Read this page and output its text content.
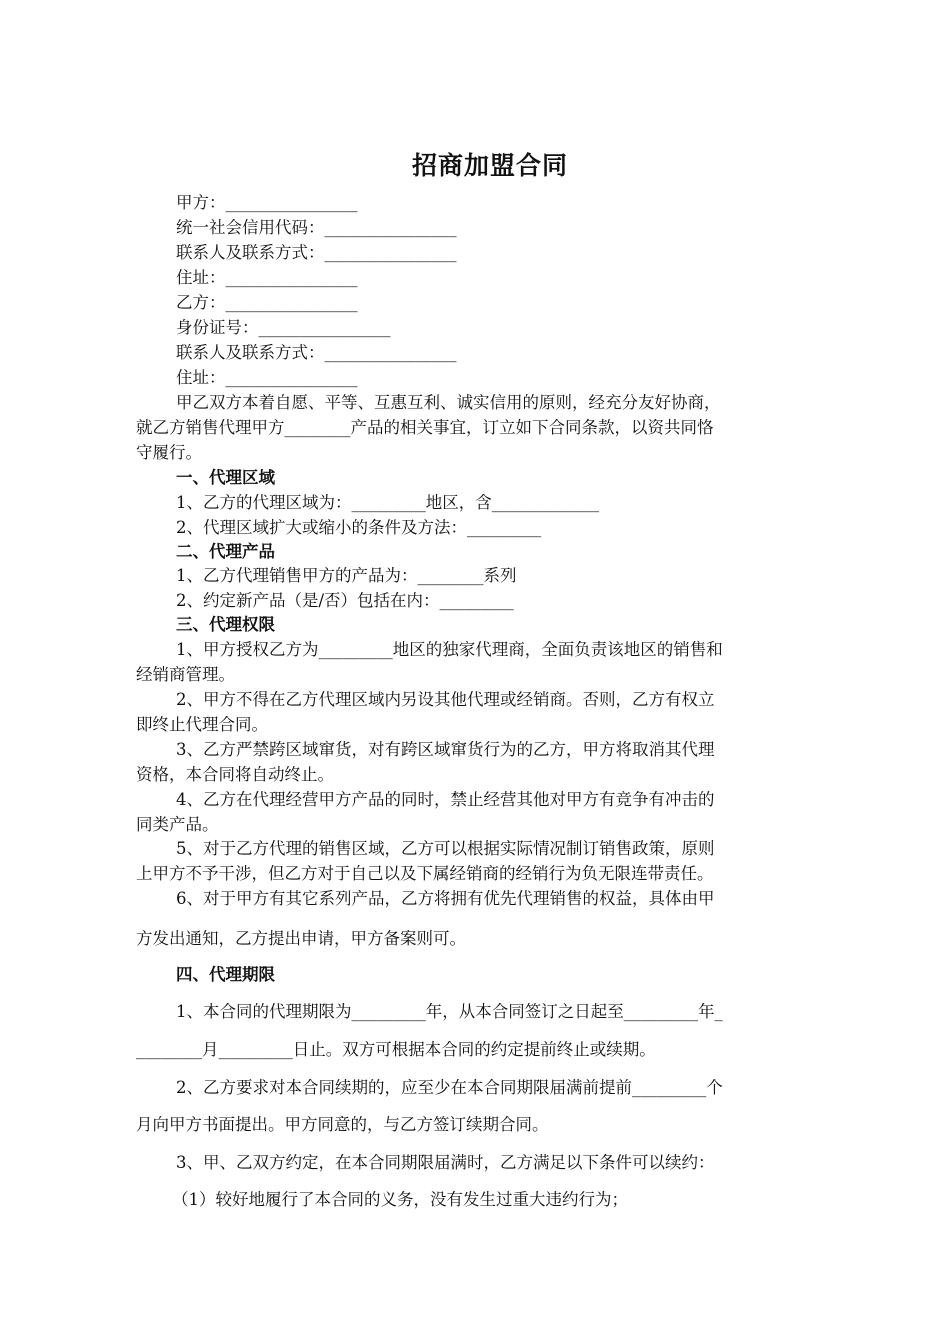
招商加盟合同

甲方：________________

统一社会信用代码：________________

联系人及联系方式：________________

住址：________________

乙方：________________

身份证号：________________

联系人及联系方式：________________

住址：________________

甲乙双方本着自愿、平等、互惠互利、诚实信用的原则，经充分友好协商，

就乙方销售代理甲方________产品的相关事宜，订立如下合同条款，以资共同恪

守履行。

一、代理区域

1、乙方的代理区域为：_________地区，含_____________

2、代理区域扩大或缩小的条件及方法：_________

二、代理产品

1、乙方代理销售甲方的产品为：________系列

2、约定新产品（是/否）包括在内：_________

三、代理权限

1、甲方授权乙方为_________地区的独家代理商，全面负责该地区的销售和

经销商管理。

2、甲方不得在乙方代理区域内另设其他代理或经销商。否则，乙方有权立

即终止代理合同。

3、乙方严禁跨区域窜货，对有跨区域窜货行为的乙方，甲方将取消其代理

资格，本合同将自动终止。

4、乙方在代理经营甲方产品的同时，禁止经营其他对甲方有竞争有冲击的

同类产品。

5、对于乙方代理的销售区域，乙方可以根据实际情况制订销售政策，原则

上甲方不予干涉，但乙方对于自己以及下属经销商的经销行为负无限连带责任。

6、对于甲方有其它系列产品，乙方将拥有优先代理销售的权益，具体由甲

方发出通知，乙方提出申请，甲方备案则可。

四、代理期限

1、本合同的代理期限为_________年，从本合同签订之日起至_________年_

________月_________日止。双方可根据本合同的约定提前终止或续期。

2、乙方要求对本合同续期的，应至少在本合同期限届满前提前_________个

月向甲方书面提出。甲方同意的，与乙方签订续期合同。

3、甲、乙双方约定，在本合同期限届满时，乙方满足以下条件可以续约：

（1）较好地履行了本合同的义务，没有发生过重大违约行为；
